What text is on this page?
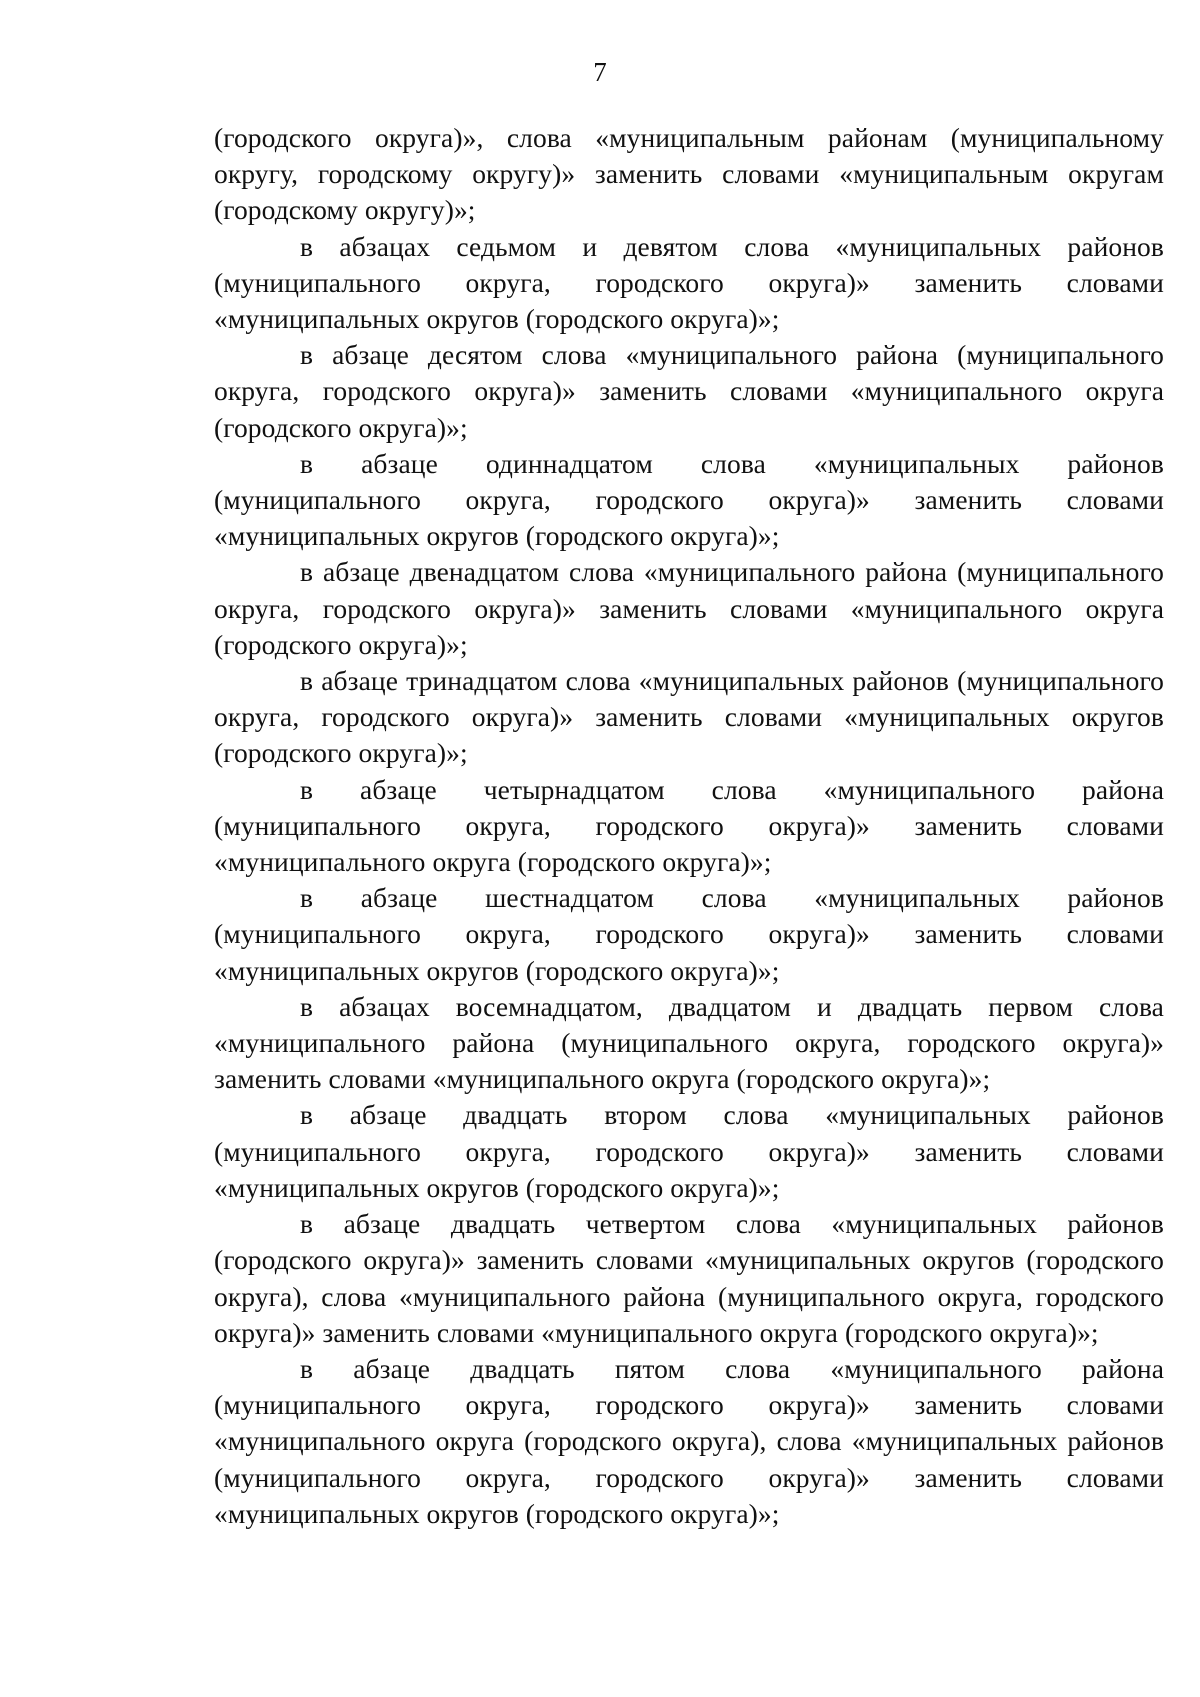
7

(городского округа)», слова «муниципальным районам (муниципальному округу, городскому округу)» заменить словами «муниципальным округам (городскому округу)»;

в абзацах седьмом и девятом слова «муниципальных районов (муниципального округа, городского округа)» заменить словами «муниципальных округов (городского округа)»;

в абзаце десятом слова «муниципального района (муниципального округа, городского округа)» заменить словами «муниципального округа (городского округа)»;

в абзаце одиннадцатом слова «муниципальных районов (муниципального округа, городского округа)» заменить словами «муниципальных округов (городского округа)»;

в абзаце двенадцатом слова «муниципального района (муниципального округа, городского округа)» заменить словами «муниципального округа (городского округа)»;

в абзаце тринадцатом слова «муниципальных районов (муниципального округа, городского округа)» заменить словами «муниципальных округов (городского округа)»;

в абзаце четырнадцатом слова «муниципального района (муниципального округа, городского округа)» заменить словами «муниципального округа (городского округа)»;

в абзаце шестнадцатом слова «муниципальных районов (муниципального округа, городского округа)» заменить словами «муниципальных округов (городского округа)»;

в абзацах восемнадцатом, двадцатом и двадцать первом слова «муниципального района (муниципального округа, городского округа)» заменить словами «муниципального округа (городского округа)»;

в абзаце двадцать втором слова «муниципальных районов (муниципального округа, городского округа)» заменить словами «муниципальных округов (городского округа)»;

в абзаце двадцать четвертом слова «муниципальных районов (городского округа)» заменить словами «муниципальных округов (городского округа), слова «муниципального района (муниципального округа, городского округа)» заменить словами «муниципального округа (городского округа)»;

в абзаце двадцать пятом слова «муниципального района (муниципального округа, городского округа)» заменить словами «муниципального округа (городского округа), слова «муниципальных районов (муниципального округа, городского округа)» заменить словами «муниципальных округов (городского округа)»;
